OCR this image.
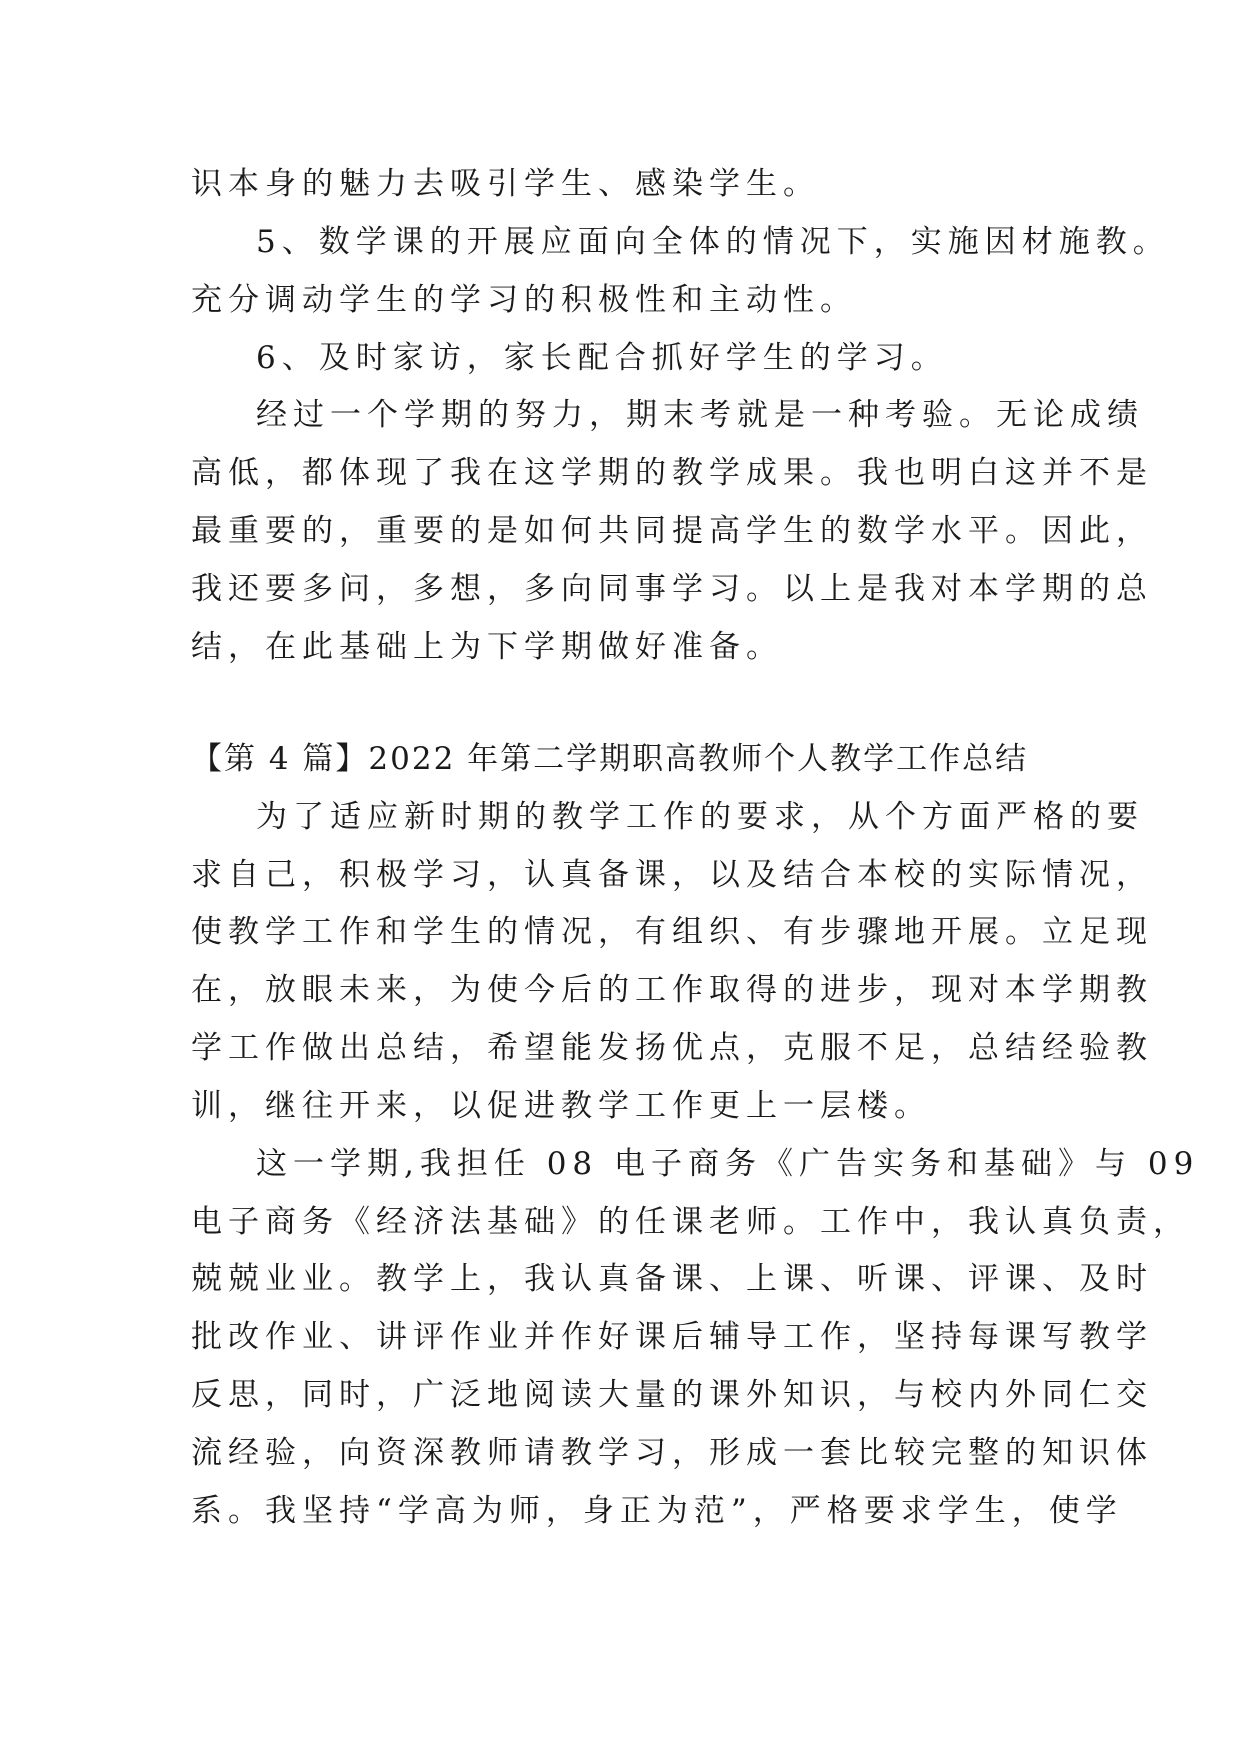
识本身的魅力去吸引学生、感染学生。

5、数学课的开展应面向全体的情况下，实施因材施教。

充分调动学生的学习的积极性和主动性。

6、及时家访，家长配合抓好学生的学习。

经过一个学期的努力，期末考就是一种考验。无论成绩

高低，都体现了我在这学期的教学成果。我也明白这并不是

最重要的，重要的是如何共同提高学生的数学水平。因此，

我还要多问，多想，多向同事学习。以上是我对本学期的总

结，在此基础上为下学期做好准备。

【第 4 篇】2022 年第二学期职高教师个人教学工作总结

为了适应新时期的教学工作的要求，从个方面严格的要

求自己，积极学习，认真备课，以及结合本校的实际情况，

使教学工作和学生的情况，有组织、有步骤地开展。立足现

在，放眼未来，为使今后的工作取得的进步，现对本学期教

学工作做出总结，希望能发扬优点，克服不足，总结经验教

训，继往开来，以促进教学工作更上一层楼。

这一学期,我担任 08 电子商务《广告实务和基础》与 09

电子商务《经济法基础》的任课老师。工作中，我认真负责，

兢兢业业。教学上，我认真备课、上课、听课、评课、及时

批改作业、讲评作业并作好课后辅导工作，坚持每课写教学

反思，同时，广泛地阅读大量的课外知识，与校内外同仁交

流经验，向资深教师请教学习，形成一套比较完整的知识体

系。我坚持“学高为师，身正为范”，严格要求学生，使学
